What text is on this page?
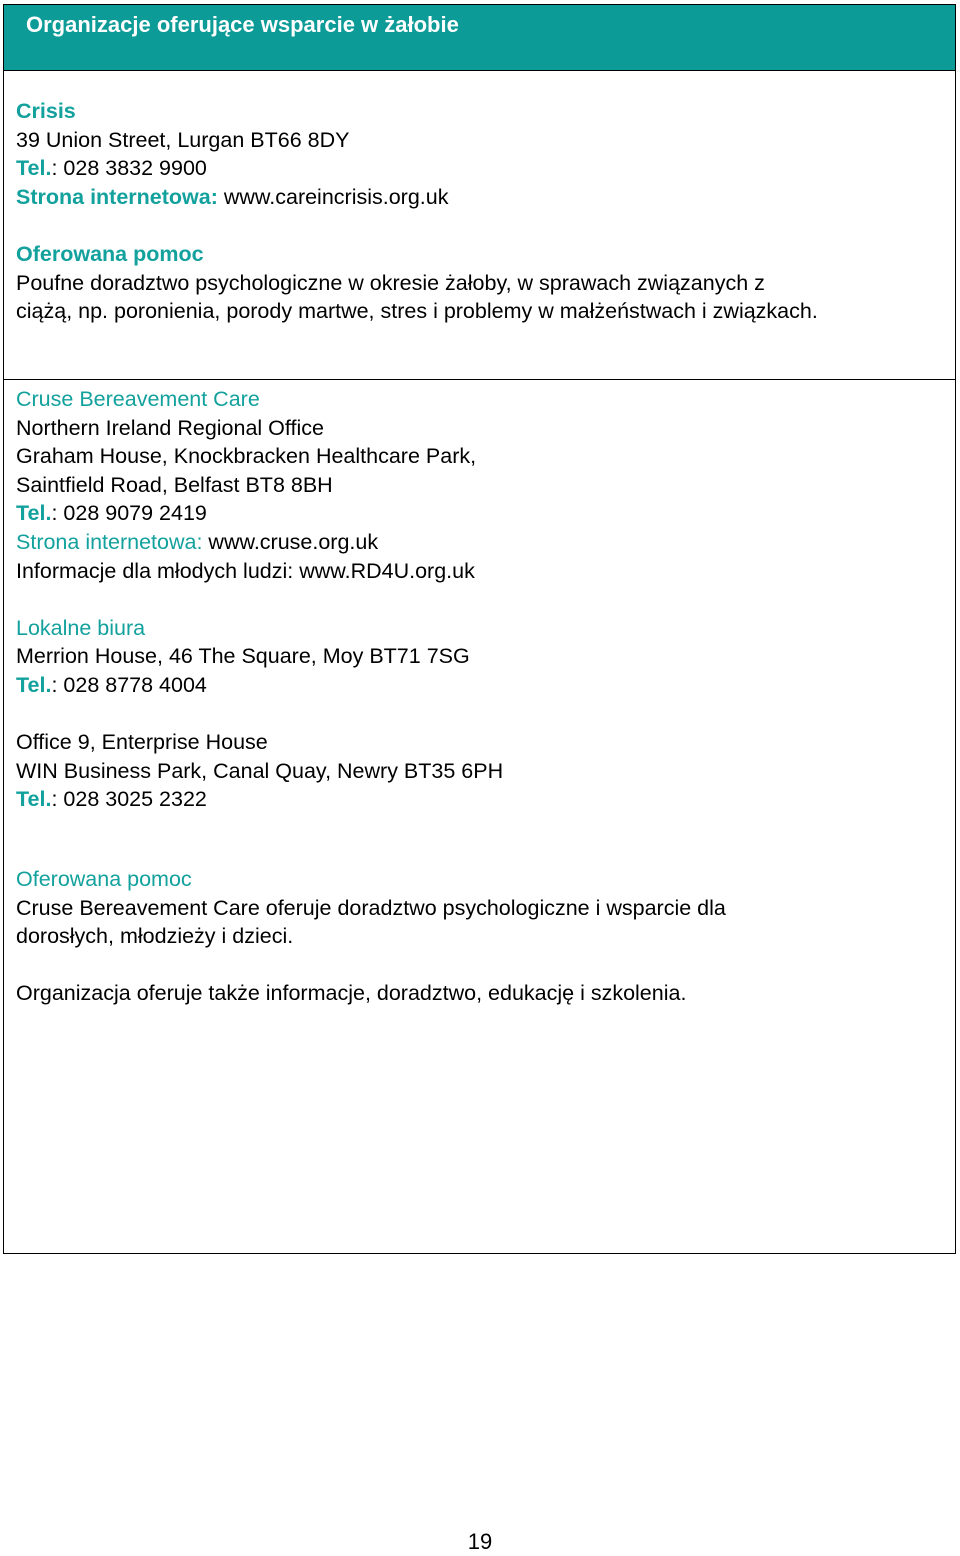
Organizacje oferujące wsparcie w żałobie
Crisis
39 Union Street, Lurgan BT66 8DY
Tel.: 028 3832 9900
Strona internetowa: www.careincrisis.org.uk
Oferowana pomoc
Poufne doradztwo psychologiczne w okresie żałoby, w sprawach związanych z
ciążą, np. poronienia, porody martwe, stres i problemy w małżeństwach i związkach.
Cruse Bereavement Care
Northern Ireland Regional Office
Graham House, Knockbracken Healthcare Park,
Saintfield Road, Belfast BT8 8BH
Tel.: 028 9079 2419
Strona internetowa: www.cruse.org.uk
Informacje dla młodych ludzi: www.RD4U.org.uk
Lokalne biura
Merrion House, 46 The Square, Moy BT71 7SG
Tel.: 028 8778 4004
Office 9, Enterprise House
WIN Business Park, Canal Quay, Newry BT35 6PH
Tel.: 028 3025 2322
Oferowana pomoc
Cruse Bereavement Care oferuje doradztwo psychologiczne i wsparcie dla
dorosłych, młodzieży i dzieci.
Organizacja oferuje także informacje, doradztwo, edukację i szkolenia.
19
